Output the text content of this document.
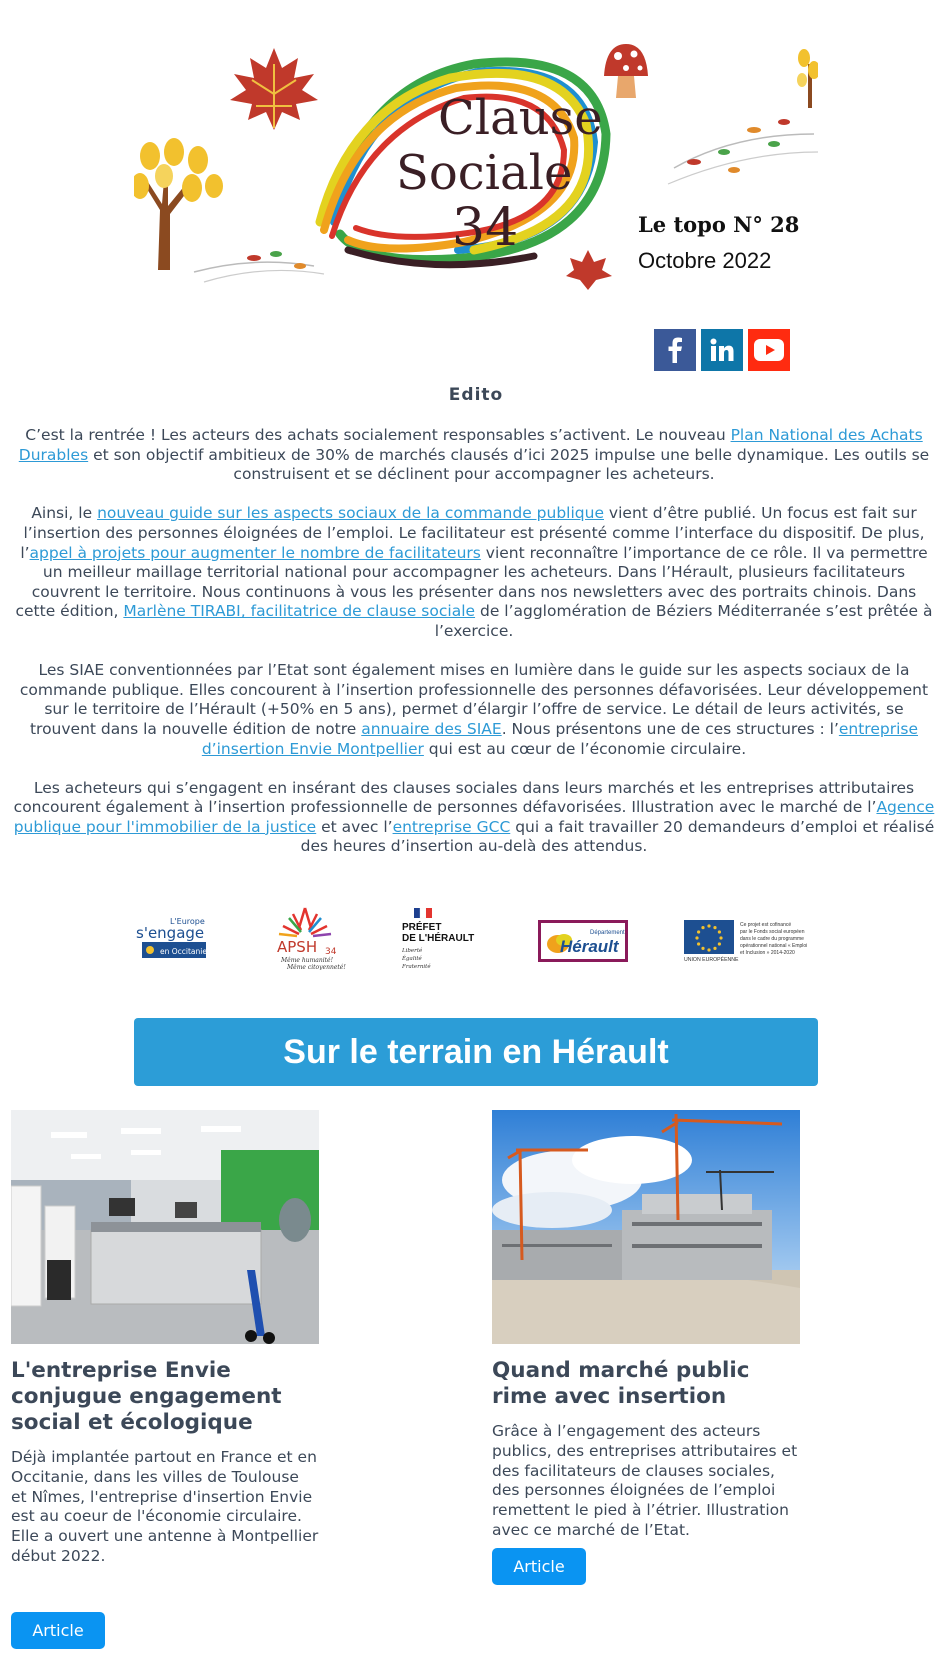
Clause
Sociale
34	Le topo N° 28
Octobre 2022
Edito

C’est la rentrée ! Les acteurs des achats socialement responsables s’activent. Le nouveau Plan National des Achats Durables et son objectif ambitieux de 30% de marchés clausés d’ici 2025 impulse une belle dynamique. Les outils se construisent et se déclinent pour accompagner les acheteurs.

Ainsi, le nouveau guide sur les aspects sociaux de la commande publique vient d’être publié. Un focus est fait sur l’insertion des personnes éloignées de l’emploi. Le facilitateur est présenté comme l’interface du dispositif. De plus, l’appel à projets pour augmenter le nombre de facilitateurs vient reconnaître l’importance de ce rôle. Il va permettre un meilleur maillage territorial national pour accompagner les acheteurs. Dans l’Hérault, plusieurs facilitateurs couvrent le territoire. Nous continuons à vous les présenter dans nos newsletters avec des portraits chinois. Dans cette édition, Marlène TIRABI, facilitatrice de clause sociale de l’agglomération de Béziers Méditerranée s’est prêtée à l’exercice.

Les SIAE conventionnées par l’Etat sont également mises en lumière dans le guide sur les aspects sociaux de la commande publique. Elles concourent à l’insertion professionnelle des personnes défavorisées. Leur développement sur le territoire de l’Hérault (+50% en 5 ans), permet d’élargir l’offre de service. Le détail de leurs activités, se trouvent dans la nouvelle édition de notre annuaire des SIAE. Nous présentons une de ces structures : l’entreprise d’insertion Envie Montpellier qui est au cœur de l’économie circulaire.

Les acheteurs qui s’engagent en insérant des clauses sociales dans leurs marchés et les entreprises attributaires concourent également à l’insertion professionnelle de personnes défavorisées. Illustration avec le marché de l’Agence publique pour l'immobilier de la justice et avec l’entreprise GCC qui a fait travailler 20 demandeurs d’emploi et réalisé des heures d’insertion au-delà des attendus.

L'Europe
s'engage
en Occitanie	APSH 34
Même humanité!
Même citoyenneté!
PRÉFET
DE L'HÉRAULT
Liberté
Égalité
Fraternité
Département
Hérault
UNION EUROPÉENNE
Ce projet est cofinancé
par le Fonds social européen
dans le cadre du programme
opérationnel national « Emploi
et Inclusion » 2014-2020
Sur le terrain en Hérault
L'entreprise Envie conjugue engagement social et écologique

Déjà implantée partout en France et en Occitanie, dans les villes de Toulouse et Nîmes, l'entreprise d'insertion Envie est au coeur de l'économie circulaire. Elle a ouvert une antenne à Montpellier début 2022.

Article
Quand marché public rime avec insertion

Grâce à l’engagement des acteurs publics, des entreprises attributaires et des facilitateurs de clauses sociales, des personnes éloignées de l’emploi remettent le pied à l’étrier. Illustration avec ce marché de l’Etat.

Article
